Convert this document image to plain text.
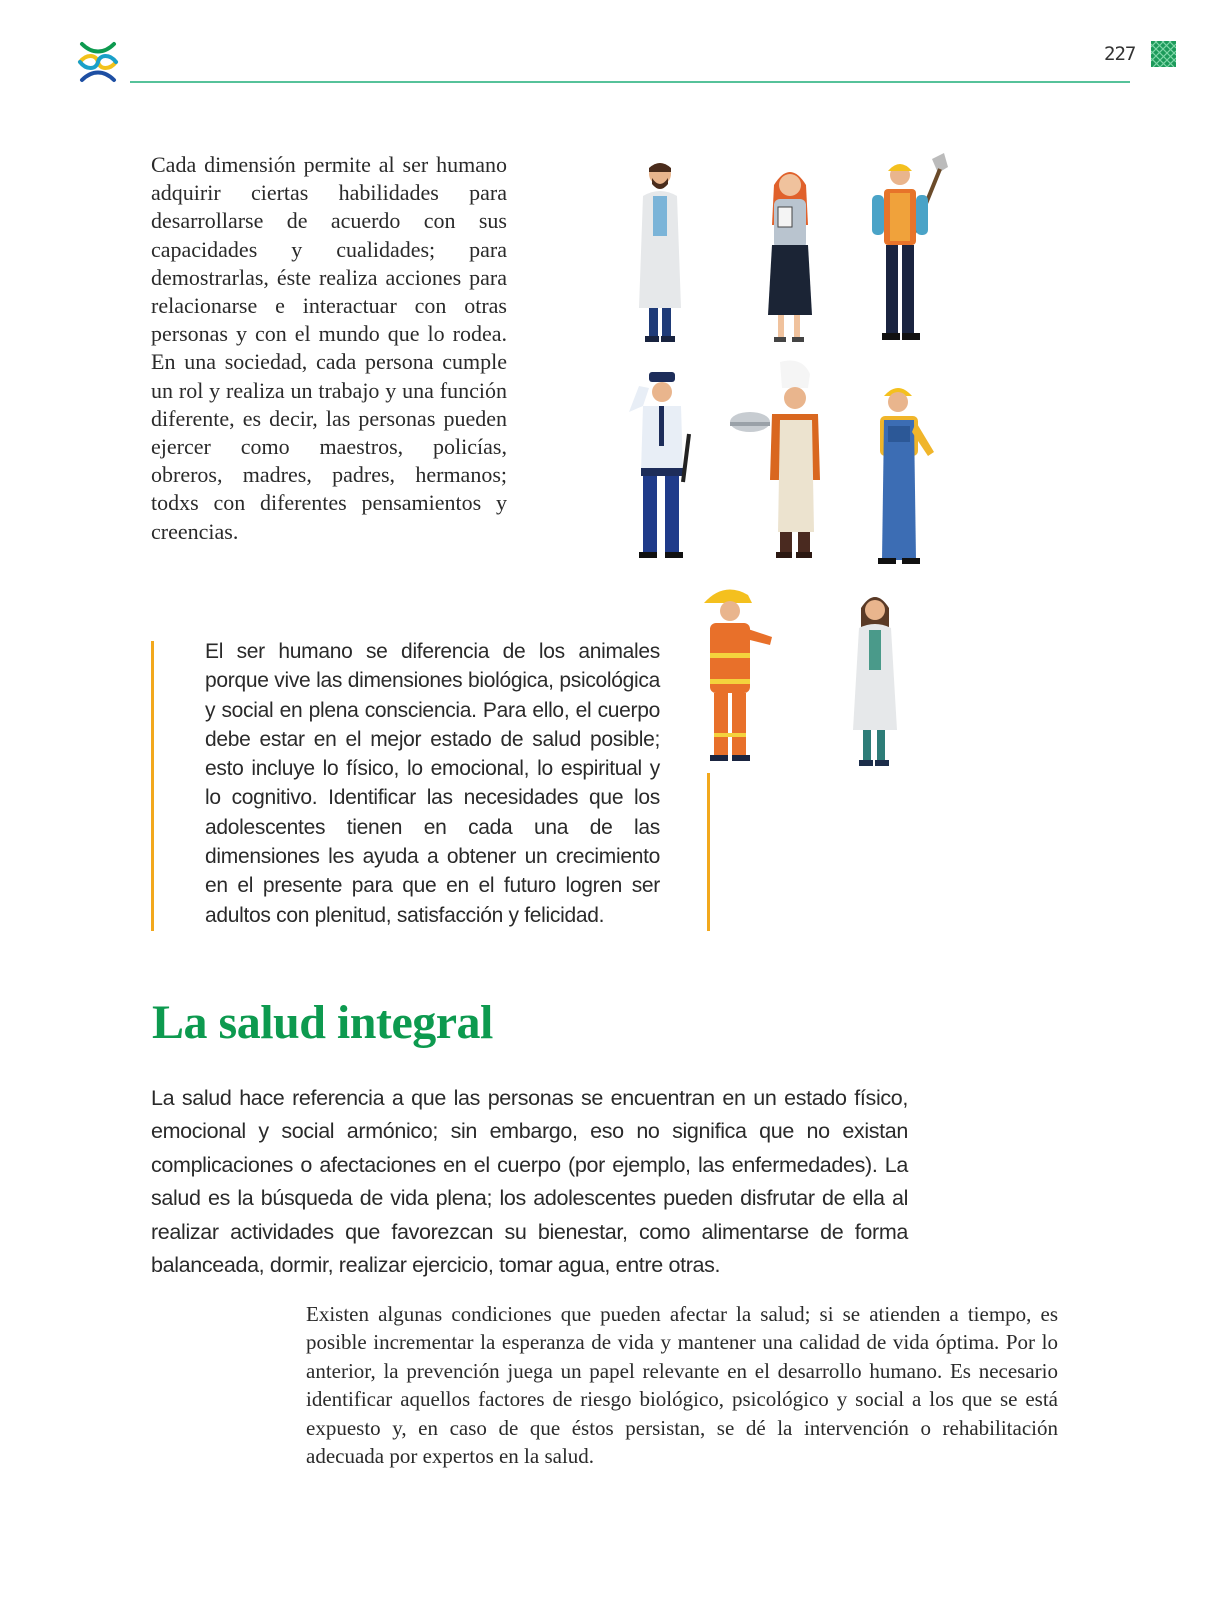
227

Cada dimensión permite al ser humano adquirir ciertas habilidades para desarrollarse de acuerdo con sus capacidades y cualidades; para demostrarlas, éste realiza acciones para relacionarse e interactuar con otras personas y con el mundo que lo rodea. En una sociedad, cada persona cumple un rol y realiza un trabajo y una función diferente, es decir, las personas pueden ejercer como maestros, policías, obreros, madres, padres, hermanos; todxs con diferentes pensamientos y creencias.

El ser humano se diferencia de los animales porque vive las dimensiones biológica, psicológica y social en plena consciencia. Para ello, el cuerpo debe estar en el mejor estado de salud posible; esto incluye lo físico, lo emocional, lo espiritual y lo cognitivo. Identificar las necesidades que los adolescentes tienen en cada una de las dimensiones les ayuda a obtener un crecimiento en el presente para que en el futuro logren ser adultos con plenitud, satisfacción y felicidad.

La salud integral

La salud hace referencia a que las personas se encuentran en un estado físico, emocional y social armónico; sin embargo, eso no significa que no existan complicaciones o afectaciones en el cuerpo (por ejemplo, las enfermedades). La salud es la búsqueda de vida plena; los adolescentes pueden disfrutar de ella al realizar actividades que favorezcan su bienestar, como alimentarse de forma balanceada, dormir, realizar ejercicio, tomar agua, entre otras.

Existen algunas condiciones que pueden afectar la salud; si se atienden a tiempo, es posible incrementar la esperanza de vida y mantener una calidad de vida óptima. Por lo anterior, la prevención juega un papel relevante en el desarrollo humano. Es necesario identificar aquellos factores de riesgo biológico, psicológico y social a los que se está expuesto y, en caso de que éstos persistan, se dé la intervención o rehabilitación adecuada por expertos en la salud.
